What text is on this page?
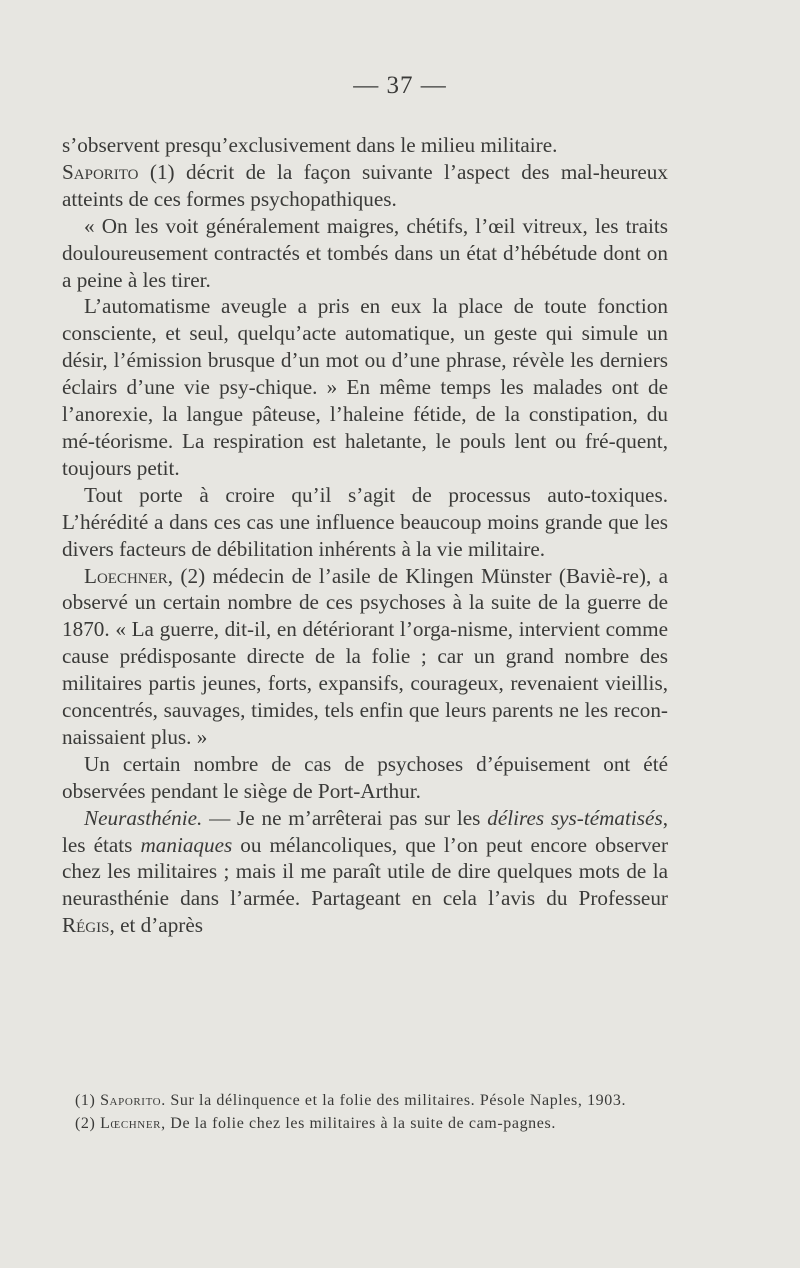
— 37 —

s’observent presqu’exclusivement dans le milieu militaire.

Saporito (1) décrit de la façon suivante l’aspect des mal-heureux atteints de ces formes psychopathiques.

« On les voit généralement maigres, chétifs, l’œil vitreux, les traits douloureusement contractés et tombés dans un état d’hébétude dont on a peine à les tirer.

L’automatisme aveugle a pris en eux la place de toute fonction consciente, et seul, quelqu’acte automatique, un geste qui simule un désir, l’émission brusque d’un mot ou d’une phrase, révèle les derniers éclairs d’une vie psy-chique. » En même temps les malades ont de l’anorexie, la langue pâteuse, l’haleine fétide, de la constipation, du mé-téorisme. La respiration est haletante, le pouls lent ou fré-quent, toujours petit.

Tout porte à croire qu’il s’agit de processus auto-toxiques. L’hérédité a dans ces cas une influence beaucoup moins grande que les divers facteurs de débilitation inhérents à la vie militaire.

Loechner, (2) médecin de l’asile de Klingen Münster (Baviè-re), a observé un certain nombre de ces psychoses à la suite de la guerre de 1870. « La guerre, dit-il, en détériorant l’orga-nisme, intervient comme cause prédisposante directe de la folie ; car un grand nombre des militaires partis jeunes, forts, expansifs, courageux, revenaient vieillis, concentrés, sauvages, timides, tels enfin que leurs parents ne les recon-naissaient plus. »

Un certain nombre de cas de psychoses d’épuisement ont été observées pendant le siège de Port-Arthur.

Neurasthénie. — Je ne m’arrêterai pas sur les délires sys-tématisés, les états maniaques ou mélancoliques, que l’on peut encore observer chez les militaires ; mais il me paraît utile de dire quelques mots de la neurasthénie dans l’armée. Partageant en cela l’avis du Professeur Régis, et d’après

(1) Saporito. Sur la délinquence et la folie des militaires. Pésole Naples, 1903.

(2) Lœchner, De la folie chez les militaires à la suite de cam-pagnes.
